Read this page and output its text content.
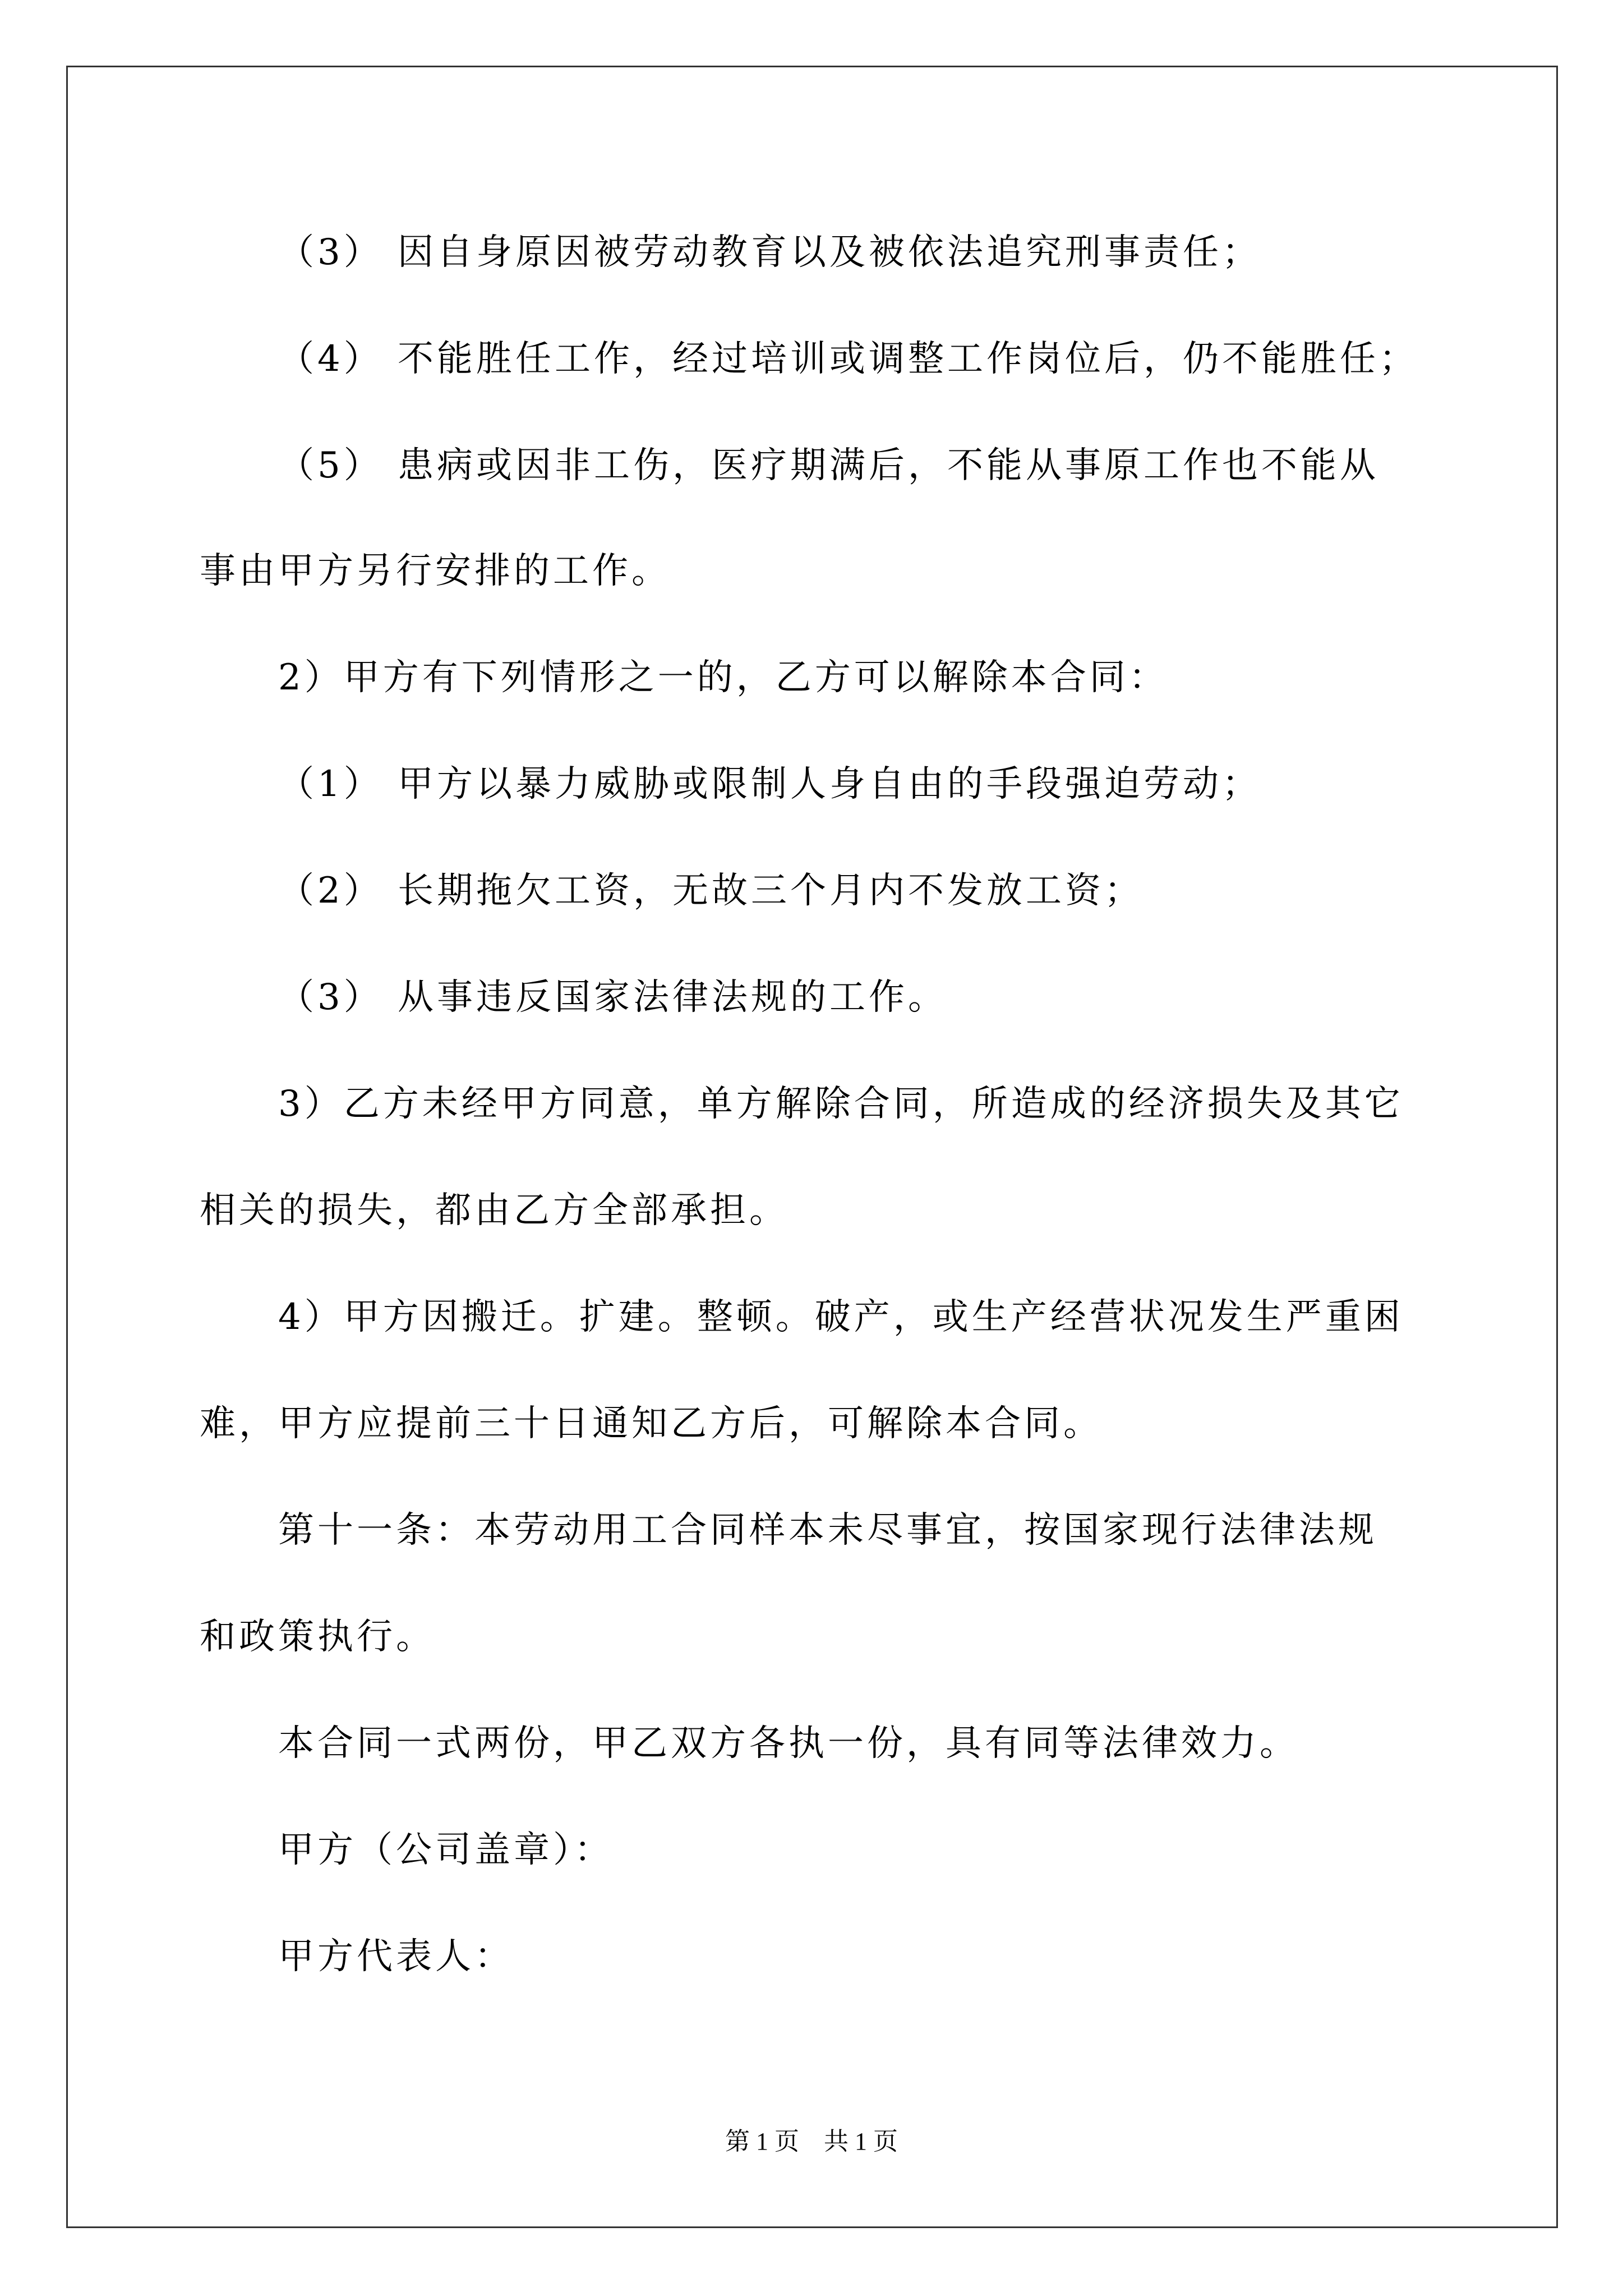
（3） 因自身原因被劳动教育以及被依法追究刑事责任；
（4） 不能胜任工作，经过培训或调整工作岗位后，仍不能胜任；
（5） 患病或因非工伤，医疗期满后，不能从事原工作也不能从
事由甲方另行安排的工作。
2）甲方有下列情形之一的，乙方可以解除本合同：
（1） 甲方以暴力威胁或限制人身自由的手段强迫劳动；
（2） 长期拖欠工资，无故三个月内不发放工资；
（3） 从事违反国家法律法规的工作。
3）乙方未经甲方同意，单方解除合同，所造成的经济损失及其它
相关的损失，都由乙方全部承担。
4）甲方因搬迁。扩建。整顿。破产，或生产经营状况发生严重困
难，甲方应提前三十日通知乙方后，可解除本合同。
第十一条：本劳动用工合同样本未尽事宜，按国家现行法律法规
和政策执行。
本合同一式两份，甲乙双方各执一份，具有同等法律效力。
甲方（公司盖章）：
甲方代表人：
第 1 页　共 1 页
